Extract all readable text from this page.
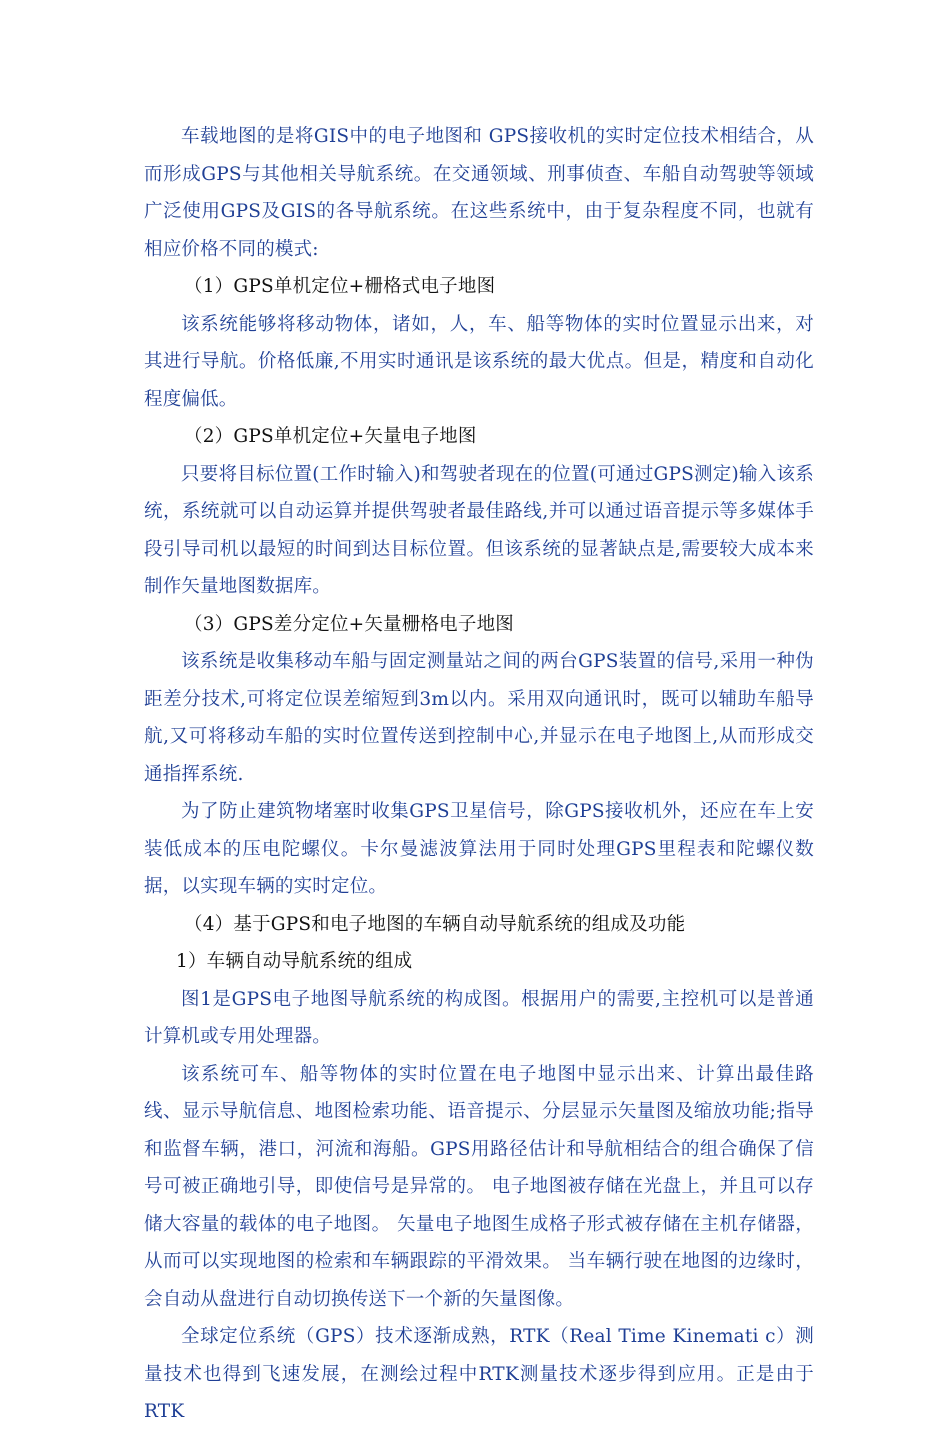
车载地图的是将GIS中的电子地图和 GPS接收机的实时定位技术相结合，从而形成GPS与其他相关导航系统。在交通领域、刑事侦查、车船自动驾驶等领域广泛使用GPS及GIS的各导航系统。在这些系统中，由于复杂程度不同，也就有相应价格不同的模式:

（1）GPS单机定位+栅格式电子地图

该系统能够将移动物体，诸如，人，车、船等物体的实时位置显示出来，对其进行导航。价格低廉,不用实时通讯是该系统的最大优点。但是，精度和自动化程度偏低。

（2）GPS单机定位+矢量电子地图

只要将目标位置(工作时输入)和驾驶者现在的位置(可通过GPS测定)输入该系统，系统就可以自动运算并提供驾驶者最佳路线,并可以通过语音提示等多媒体手段引导司机以最短的时间到达目标位置。但该系统的显著缺点是,需要较大成本来制作矢量地图数据库。

（3）GPS差分定位+矢量栅格电子地图

该系统是收集移动车船与固定测量站之间的两台GPS装置的信号,采用一种伪距差分技术,可将定位误差缩短到3m以内。采用双向通讯时，既可以辅助车船导航,又可将移动车船的实时位置传送到控制中心,并显示在电子地图上,从而形成交通指挥系统.

为了防止建筑物堵塞时收集GPS卫星信号，除GPS接收机外，还应在车上安装低成本的压电陀螺仪。卡尔曼滤波算法用于同时处理GPS里程表和陀螺仪数据，以实现车辆的实时定位。

（4）基于GPS和电子地图的车辆自动导航系统的组成及功能

1）车辆自动导航系统的组成

图1是GPS电子地图导航系统的构成图。根据用户的需要,主控机可以是普通计算机或专用处理器。

该系统可车、船等物体的实时位置在电子地图中显示出来、计算出最佳路线、显示导航信息、地图检索功能、语音提示、分层显示矢量图及缩放功能;指导和监督车辆，港口，河流和海船。GPS用路径估计和导航相结合的组合确保了信号可被正确地引导，即使信号是异常的。 电子地图被存储在光盘上，并且可以存储大容量的载体的电子地图。 矢量电子地图生成格子形式被存储在主机存储器，从而可以实现地图的检索和车辆跟踪的平滑效果。 当车辆行驶在地图的边缘时，会自动从盘进行自动切换传送下一个新的矢量图像。

全球定位系统（GPS）技术逐渐成熟，RTK（Real Time Kinemati c）测量技术也得到飞速发展，在测绘过程中RTK测量技术逐步得到应用。正是由于RTK
